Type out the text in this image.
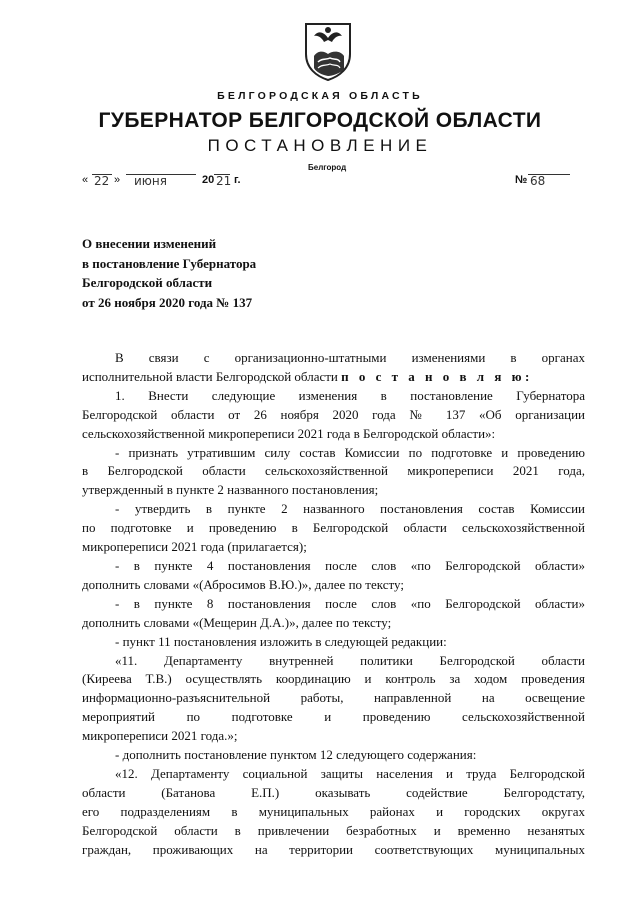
БЕЛГОРОДСКАЯ ОБЛАСТЬ
ГУБЕРНАТОР БЕЛГОРОДСКОЙ ОБЛАСТИ
ПОСТАНОВЛЕНИЕ
Белгород
« 22 » июня	20 21 г.	№ 68
О внесении изменений
в постановление Губернатора
Белгородской области
от 26 ноября 2020 года № 137
В связи с организационно-штатными изменениями в органах
исполнительной власти Белгородской области п о с т а н о в л я ю:
1. Внести следующие изменения в постановление Губернатора
Белгородской области от 26 ноября 2020 года № 137 «Об организации
сельскохозяйственной микропереписи 2021 года в Белгородской области»:
- признать утратившим силу состав Комиссии по подготовке и проведению
в Белгородской области сельскохозяйственной микропереписи 2021 года,
утвержденный в пункте 2 названного постановления;
- утвердить в пункте 2 названного постановления состав Комиссии
по подготовке и проведению в Белгородской области сельскохозяйственной
микропереписи 2021 года (прилагается);
- в пункте 4 постановления после слов «по Белгородской области»
дополнить словами «(Абросимов В.Ю.)», далее по тексту;
- в пункте 8 постановления после слов «по Белгородской области»
дополнить словами «(Мещерин Д.А.)», далее по тексту;
- пункт 11 постановления изложить в следующей редакции:
«11. Департаменту внутренней политики Белгородской области
(Киреева Т.В.) осуществлять координацию и контроль за ходом проведения
информационно-разъяснительной работы, направленной на освещение
мероприятий по подготовке и проведению сельскохозяйственной
микропереписи 2021 года.»;
- дополнить постановление пунктом 12 следующего содержания:
«12. Департаменту социальной защиты населения и труда Белгородской
области (Батанова Е.П.) оказывать содействие Белгородстату,
его подразделениям в муниципальных районах и городских округах
Белгородской области в привлечении безработных и временно незанятых
граждан, проживающих на территории соответствующих муниципальных
